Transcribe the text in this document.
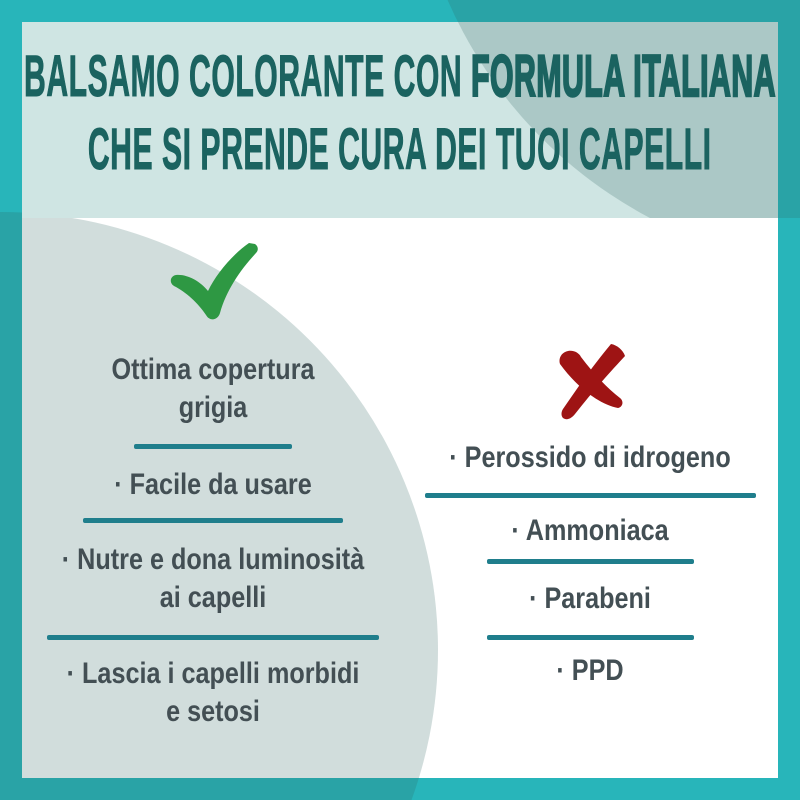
BALSAMO COLORANTE CON FORMULA ITALIANA
CHE SI PRENDE CURA DEI TUOI CAPELLI
Ottima copertura
grigia
· Facile da usare
· Nutre e dona luminosità
ai capelli
· Lascia i capelli morbidi
e setosi
· Perossido di idrogeno
· Ammoniaca
· Parabeni
· PPD
